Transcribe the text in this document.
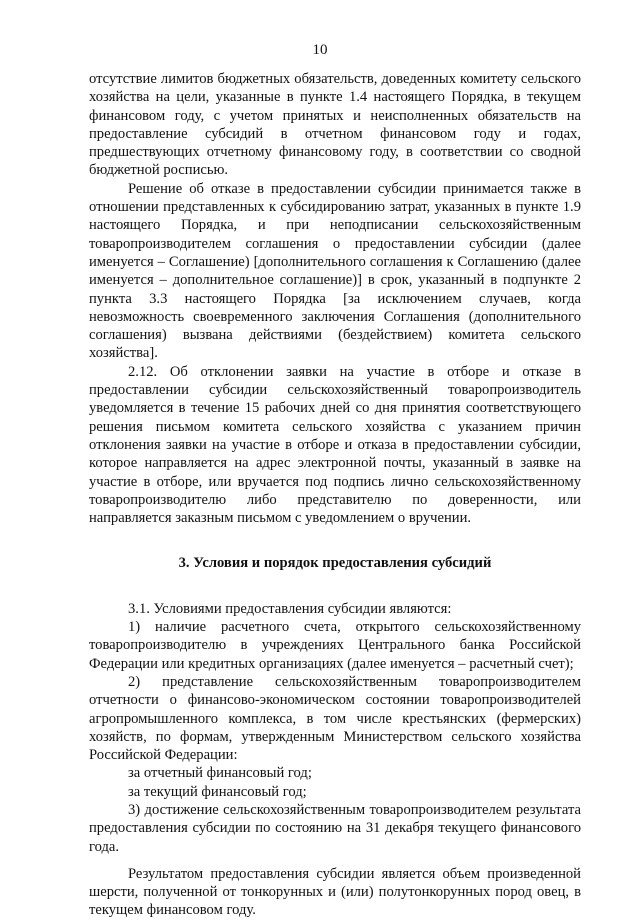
10

отсутствие лимитов бюджетных обязательств, доведенных комитету сельского хозяйства на цели, указанные в пункте 1.4 настоящего Порядка, в текущем финансовом году, с учетом принятых и неисполненных обязательств на предоставление субсидий в отчетном финансовом году и годах, предшествующих отчетному финансовому году, в соответствии со сводной бюджетной росписью.

Решение об отказе в предоставлении субсидии принимается также в отношении представленных к субсидированию затрат, указанных в пункте 1.9 настоящего Порядка, и при неподписании сельскохозяйственным товаропроизводителем соглашения о предоставлении субсидии (далее именуется – Соглашение) [дополнительного соглашения к Соглашению (далее именуется – дополнительное соглашение)] в срок, указанный в подпункте 2 пункта 3.3 настоящего Порядка [за исключением случаев, когда невозможность своевременного заключения Соглашения (дополнительного соглашения) вызвана действиями (бездействием) комитета сельского хозяйства].

2.12. Об отклонении заявки на участие в отборе и отказе в предоставлении субсидии сельскохозяйственный товаропроизводитель уведомляется в течение 15 рабочих дней со дня принятия соответствующего решения письмом комитета сельского хозяйства с указанием причин отклонения заявки на участие в отборе и отказа в предоставлении субсидии, которое направляется на адрес электронной почты, указанный в заявке на участие в отборе, или вручается под подпись лично сельскохозяйственному товаропроизводителю либо представителю по доверенности, или направляется заказным письмом с уведомлением о вручении.

3. Условия и порядок предоставления субсидий

3.1. Условиями предоставления субсидии являются:

1) наличие расчетного счета, открытого сельскохозяйственному товаропроизводителю в учреждениях Центрального банка Российской Федерации или кредитных организациях (далее именуется – расчетный счет);

2) представление сельскохозяйственным товаропроизводителем отчетности о финансово-экономическом состоянии товаропроизводителей агропромышленного комплекса, в том числе крестьянских (фермерских) хозяйств, по формам, утвержденным Министерством сельского хозяйства Российской Федерации:

за отчетный финансовый год;

за текущий финансовый год;

3) достижение сельскохозяйственным товаропроизводителем результата предоставления субсидии по состоянию на 31 декабря текущего финансового года.

Результатом предоставления субсидии является объем произведенной шерсти, полученной от тонкорунных и (или) полутонкорунных пород овец, в текущем финансовом году.
